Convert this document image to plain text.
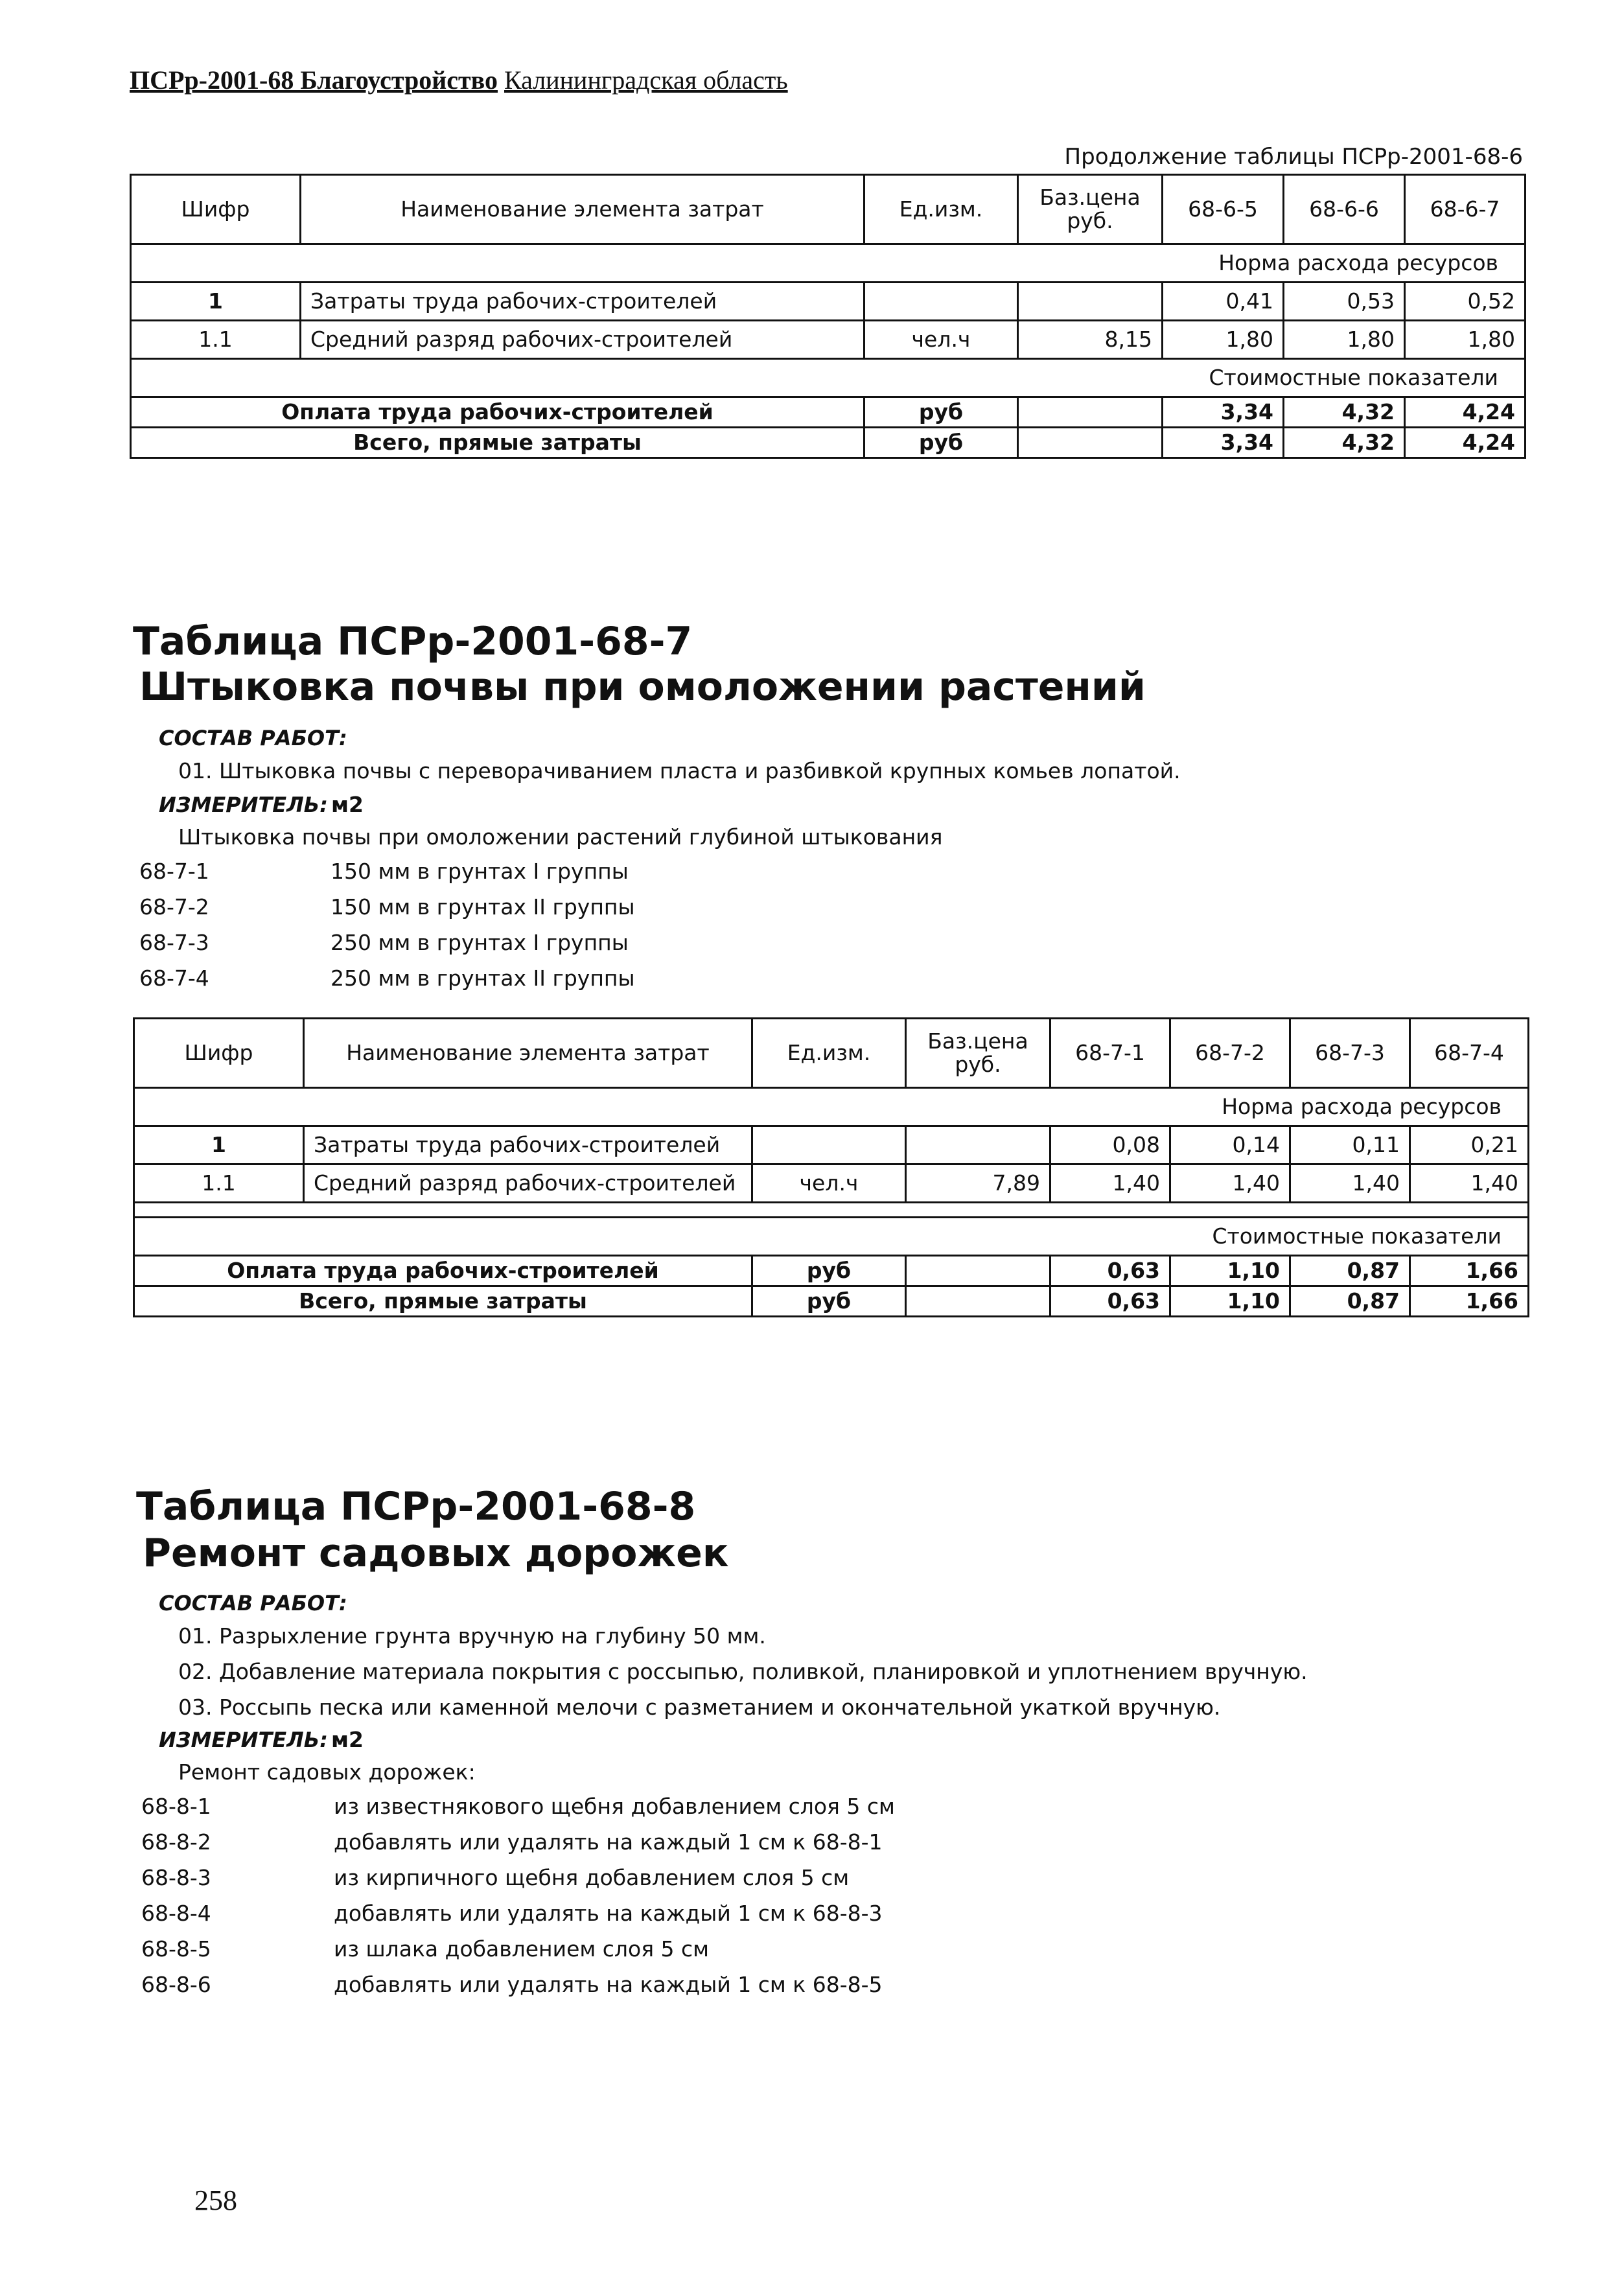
ПСРр-2001-68 Благоустройство Калининградская область
Продолжение таблицы ПСРр-2001-68-6
Шифр	Наименование элемента затрат	Ед.изм.	Баз.цена руб.	68-6-5	68-6-6	68-6-7
Норма расхода ресурсов						
1	Затраты труда рабочих-строителей			0,41	0,53	0,52
1.1	Средний разряд рабочих-строителей	чел.ч	8,15	1,80	1,80	1,80
Стоимостные показатели						
Оплата труда рабочих-строителей		руб		3,34	4,32	4,24
Всего, прямые затраты		руб		3,34	4,32	4,24
Таблица ПСРр-2001-68-7
Штыковка почвы при омоложении растений
СОСТАВ РАБОТ:
01. Штыковка почвы с переворачиванием пласта и разбивкой крупных комьев лопатой.
ИЗМЕРИТЕЛЬ: м2
Штыковка почвы при омоложении растений глубиной штыкования
68-7-1	150 мм в грунтах I группы
68-7-2	150 мм в грунтах II группы
68-7-3	250 мм в грунтах I группы
68-7-4	250 мм в грунтах II группы
Шифр	Наименование элемента затрат	Ед.изм.	Баз.цена руб.	68-7-1	68-7-2	68-7-3	68-7-4
Норма расхода ресурсов							
1	Затраты труда рабочих-строителей			0,08	0,14	0,11	0,21
1.1	Средний разряд рабочих-строителей	чел.ч	7,89	1,40	1,40	1,40	1,40

Стоимостные показатели							
Оплата труда рабочих-строителей		руб		0,63	1,10	0,87	1,66
Всего, прямые затраты		руб		0,63	1,10	0,87	1,66
Таблица ПСРр-2001-68-8
Ремонт садовых дорожек
СОСТАВ РАБОТ:
01. Разрыхление грунта вручную на глубину 50 мм.
02. Добавление материала покрытия с россыпью, поливкой, планировкой и уплотнением вручную.
03. Россыпь песка или каменной мелочи с разметанием и окончательной укаткой вручную.
ИЗМЕРИТЕЛЬ: м2
Ремонт садовых дорожек:
68-8-1	из известнякового щебня добавлением слоя 5 см
68-8-2	добавлять или удалять на каждый 1 см к 68-8-1
68-8-3	из кирпичного щебня добавлением слоя 5 см
68-8-4	добавлять или удалять на каждый 1 см к 68-8-3
68-8-5	из шлака добавлением слоя 5 см
68-8-6	добавлять или удалять на каждый 1 см к 68-8-5
258
